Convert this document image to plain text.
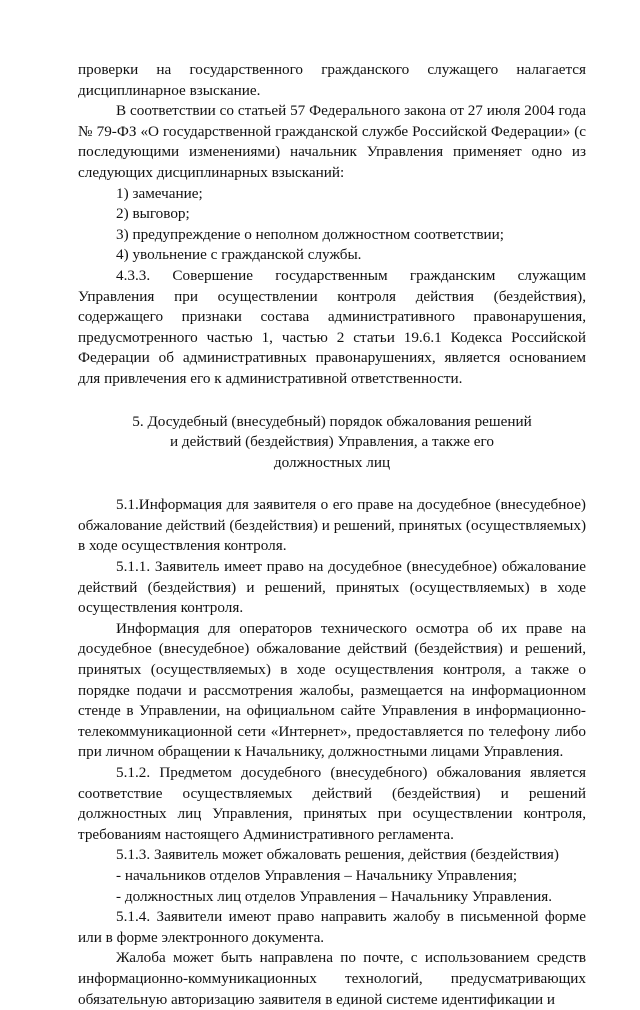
проверки на государственного гражданского служащего налагается дисциплинарное взыскание.

В соответствии со статьей 57 Федерального закона от 27 июля 2004 года № 79-ФЗ «О государственной гражданской службе Российской Федерации» (с последующими изменениями) начальник Управления применяет одно из следующих дисциплинарных взысканий:

1) замечание;

2) выговор;

3) предупреждение о неполном должностном соответствии;

4) увольнение с гражданской службы.

4.3.3. Совершение государственным гражданским служащим Управления при осуществлении контроля действия (бездействия), содержащего признаки состава административного правонарушения, предусмотренного частью 1, частью 2 статьи 19.6.1 Кодекса Российской Федерации об административных правонарушениях, является основанием для привлечения его к административной ответственности.

5. Досудебный (внесудебный) порядок обжалования решений
и действий (бездействия) Управления, а также его
должностных лиц

5.1.Информация для заявителя о его праве на досудебное (внесудебное) обжалование действий (бездействия) и решений, принятых (осуществляемых) в ходе осуществления контроля.

5.1.1. Заявитель имеет право на досудебное (внесудебное) обжалование действий (бездействия) и решений, принятых (осуществляемых) в ходе осуществления контроля.

Информация для операторов технического осмотра об их праве на досудебное (внесудебное) обжалование действий (бездействия) и решений, принятых (осуществляемых) в ходе осуществления контроля, а также о порядке подачи и рассмотрения жалобы, размещается на информационном стенде в Управлении, на официальном сайте Управления в информационно-телекоммуникационной сети «Интернет», предоставляется по телефону либо при личном обращении к Начальнику, должностными лицами Управления.

5.1.2. Предметом досудебного (внесудебного) обжалования является соответствие осуществляемых действий (бездействия) и решений должностных лиц Управления, принятых при осуществлении контроля, требованиям настоящего Административного регламента.

5.1.3. Заявитель может обжаловать решения, действия (бездействия)

- начальников отделов Управления – Начальнику Управления;

- должностных лиц отделов Управления – Начальнику Управления.

5.1.4. Заявители имеют право направить жалобу в письменной форме или в форме электронного документа.

Жалоба может быть направлена по почте, с использованием средств информационно-коммуникационных технологий, предусматривающих обязательную авторизацию заявителя в единой системе идентификации и
